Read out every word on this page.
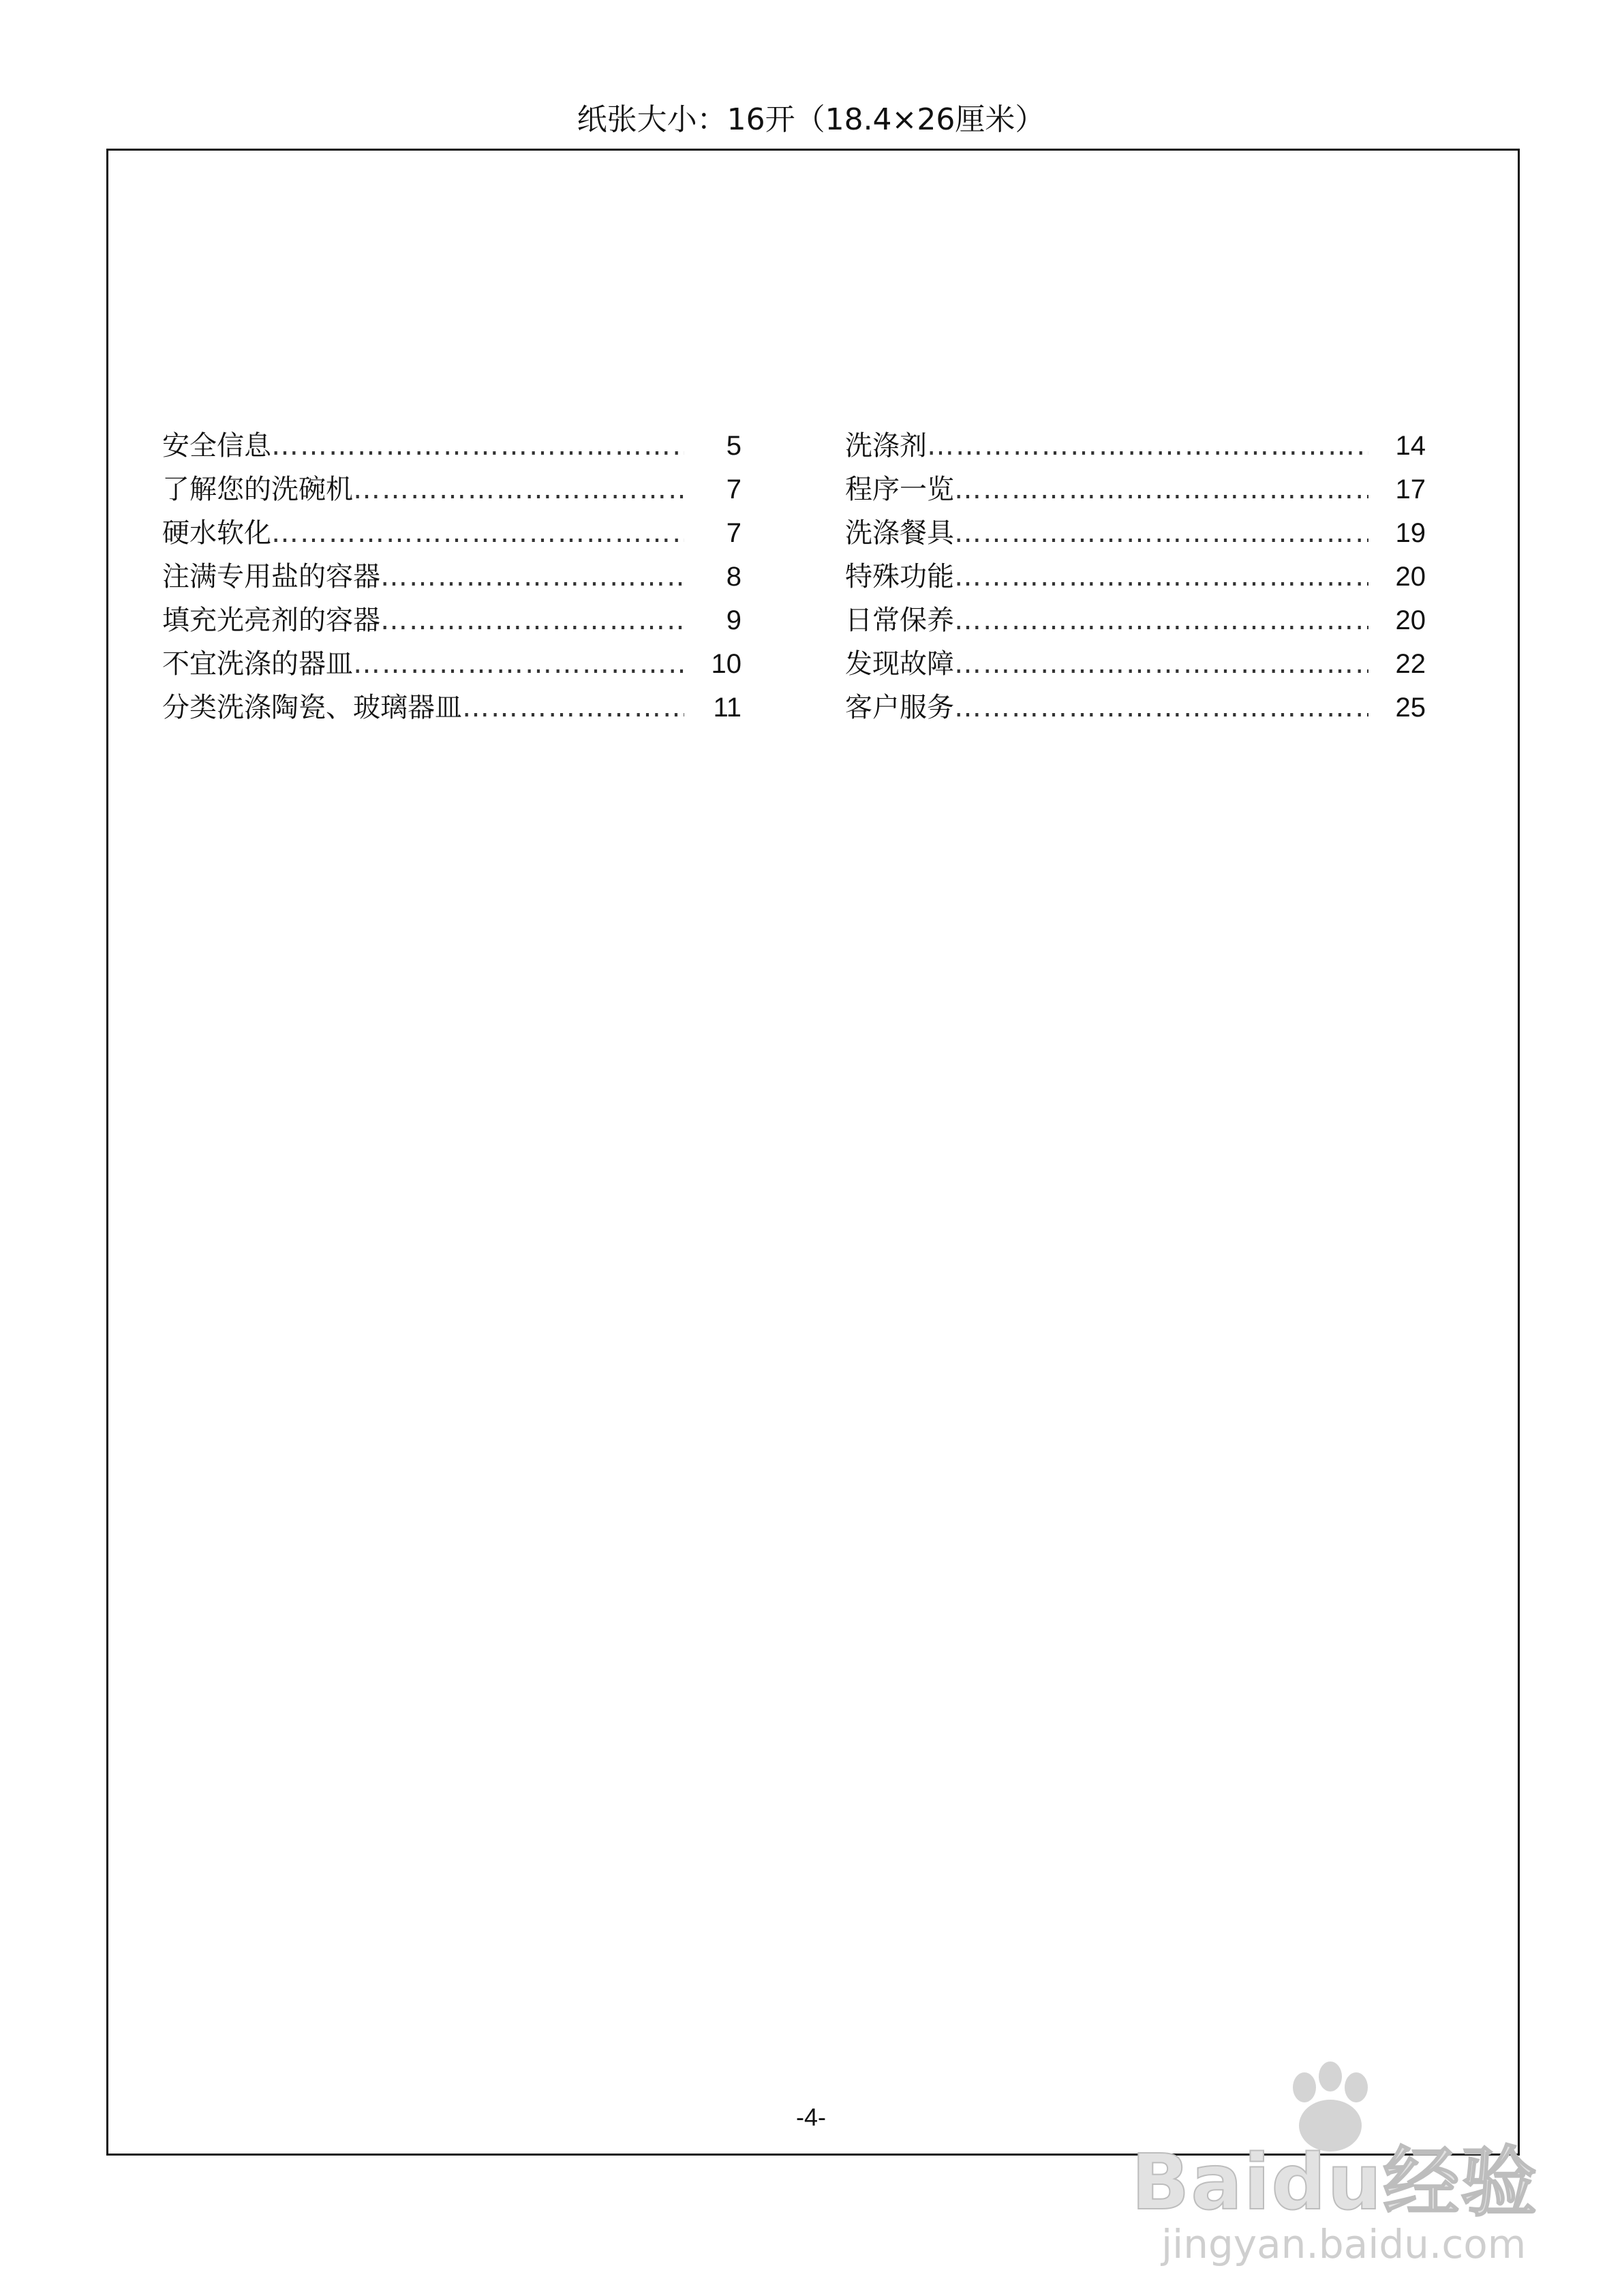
纸张大小：16开（18.4×26厘米）
安全信息 ……………………………………………………………………………………………………………	5
了解您的洗碗机 ……………………………………………………………………………………………………………	7
硬水软化 ……………………………………………………………………………………………………………	7
注满专用盐的容器 ……………………………………………………………………………………………………………	8
填充光亮剂的容器 ……………………………………………………………………………………………………………	9
不宜洗涤的器皿 ……………………………………………………………………………………………………………	10
分类洗涤陶瓷、玻璃器皿 ……………………………………………………………………………………………………………	11
洗涤剂 ……………………………………………………………………………………………………………	14
程序一览 ……………………………………………………………………………………………………………	17
洗涤餐具 ……………………………………………………………………………………………………………	19
特殊功能 ……………………………………………………………………………………………………………	20
日常保养 ……………………………………………………………………………………………………………	20
发现故障 ……………………………………………………………………………………………………………	22
客户服务 ……………………………………………………………………………………………………………	25
-4-
Baidu经验
jingyan.baidu.com
